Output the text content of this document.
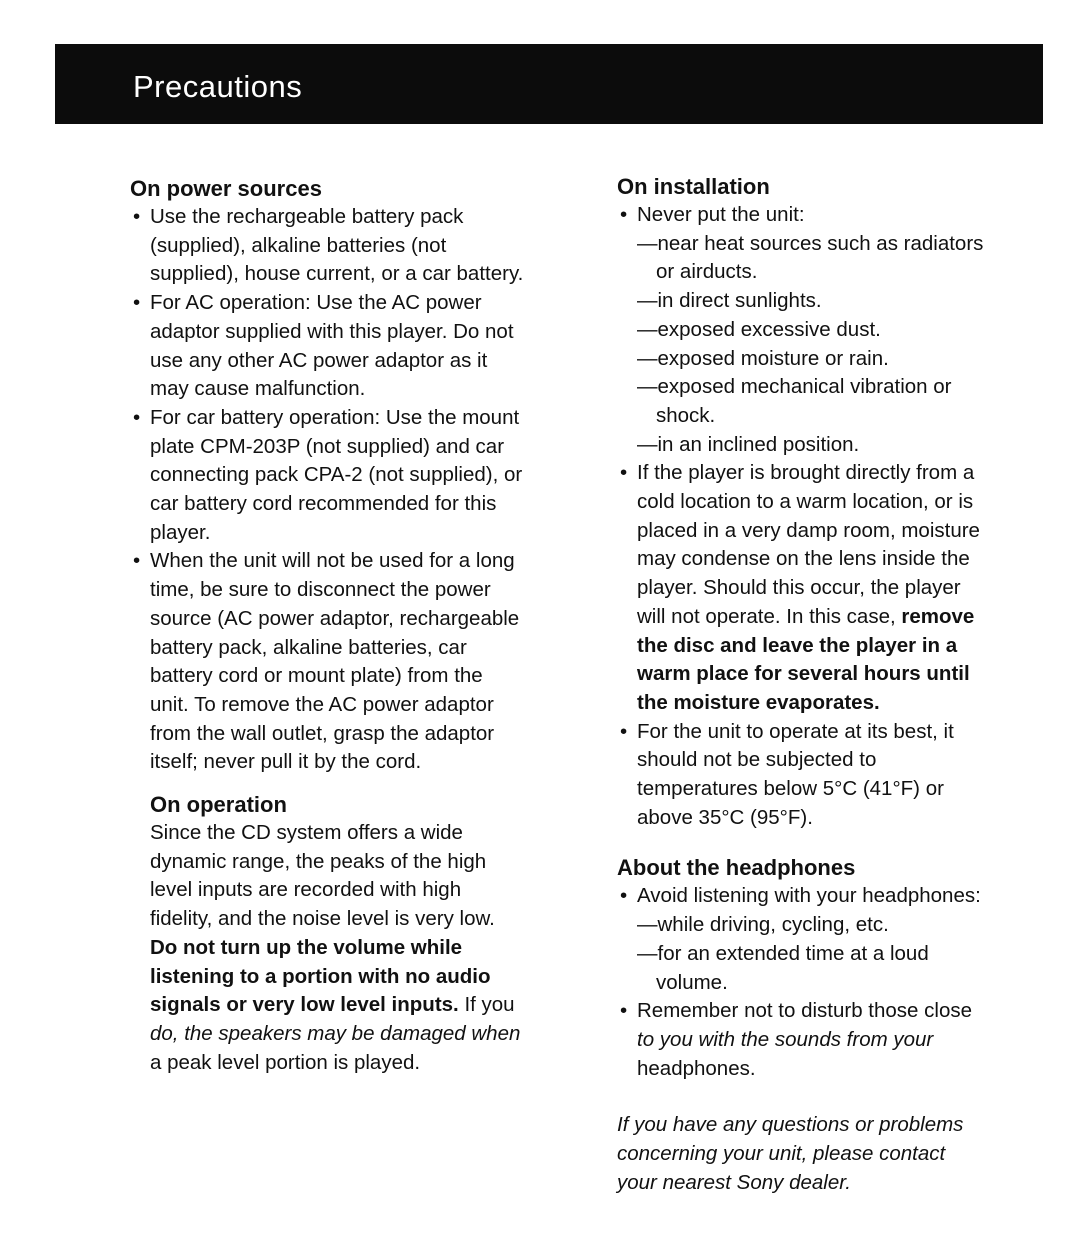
Precautions
On power sources
• Use the rechargeable battery pack
(supplied), alkaline batteries (not
supplied), house current, or a car battery.
• For AC operation: Use the AC power
adaptor supplied with this player. Do not
use any other AC power adaptor as it
may cause malfunction.
• For car battery operation: Use the mount
plate CPM-203P (not supplied) and car
connecting pack CPA-2 (not supplied), or
car battery cord recommended for this
player.
• When the unit will not be used for a long
time, be sure to disconnect the power
source (AC power adaptor, rechargeable
battery pack, alkaline batteries, car
battery cord or mount plate) from the
unit. To remove the AC power adaptor
from the wall outlet, grasp the adaptor
itself; never pull it by the cord.
On operation
Since the CD system offers a wide
dynamic range, the peaks of the high
level inputs are recorded with high
fidelity, and the noise level is very low.
Do not turn up the volume while
listening to a portion with no audio
signals or very low level inputs. If you
do, the speakers may be damaged when
a peak level portion is played.
On installation
• Never put the unit:
—near heat sources such as radiators
or airducts.
—in direct sunlights.
—exposed excessive dust.
—exposed moisture or rain.
—exposed mechanical vibration or
shock.
—in an inclined position.
• If the player is brought directly from a
cold location to a warm location, or is
placed in a very damp room, moisture
may condense on the lens inside the
player. Should this occur, the player
will not operate. In this case, remove
the disc and leave the player in a
warm place for several hours until
the moisture evaporates.
• For the unit to operate at its best, it
should not be subjected to
temperatures below 5°C (41°F) or
above 35°C (95°F).
About the headphones
• Avoid listening with your headphones:
—while driving, cycling, etc.
—for an extended time at a loud
volume.
• Remember not to disturb those close
to you with the sounds from your
headphones.
If you have any questions or problems
concerning your unit, please contact
your nearest Sony dealer.
